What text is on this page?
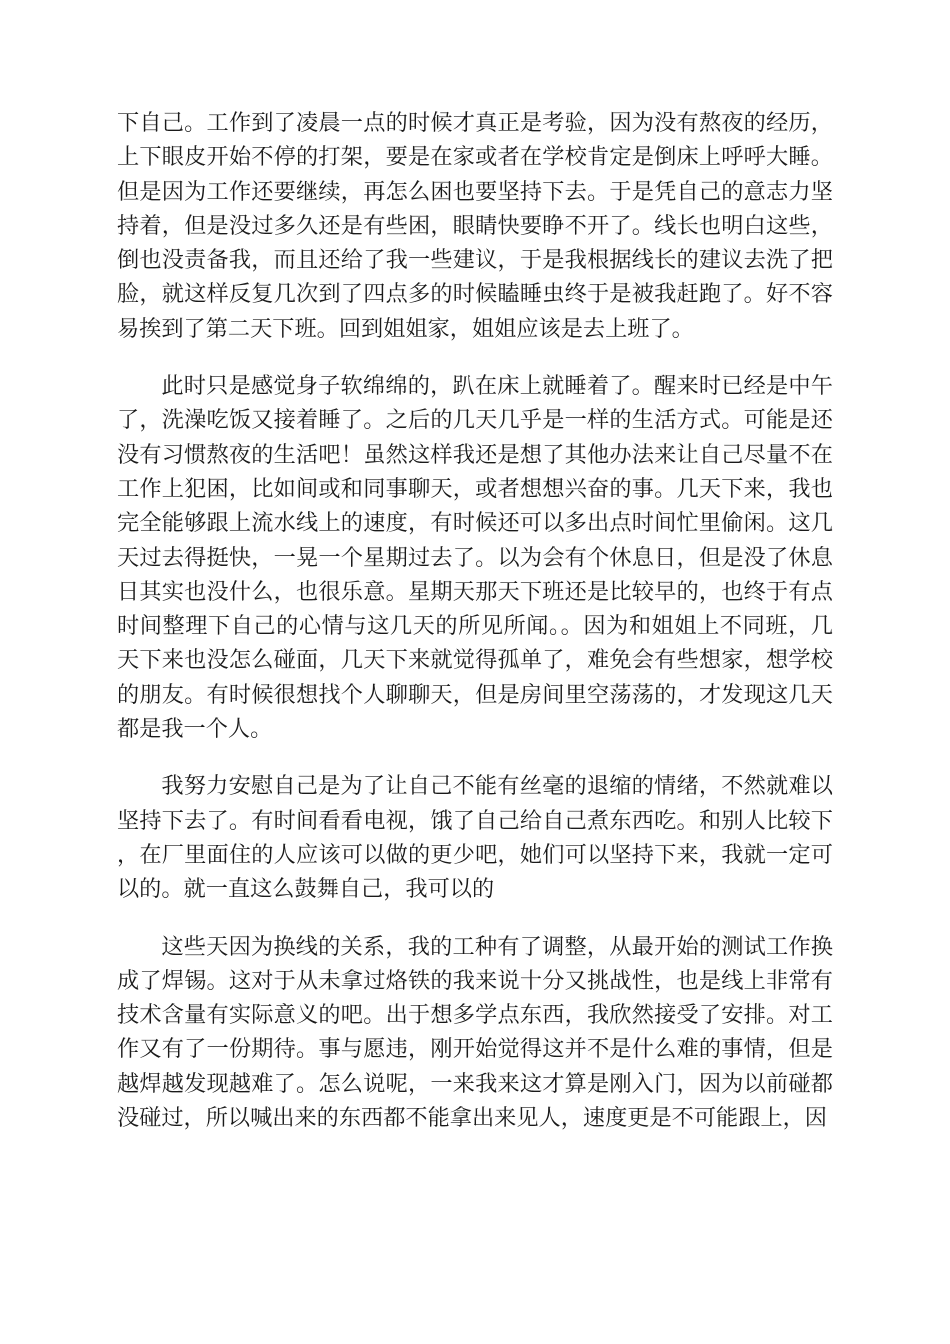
下自己。工作到了凌晨一点的时候才真正是考验，因为没有熬夜的经历，上下眼皮开始不停的打架，要是在家或者在学校肯定是倒床上呼呼大睡。但是因为工作还要继续，再怎么困也要坚持下去。于是凭自己的意志力坚持着，但是没过多久还是有些困，眼睛快要睁不开了。线长也明白这些，倒也没责备我，而且还给了我一些建议，于是我根据线长的建议去洗了把脸，就这样反复几次到了四点多的时候瞌睡虫终于是被我赶跑了。好不容易挨到了第二天下班。回到姐姐家，姐姐应该是去上班了。

此时只是感觉身子软绵绵的，趴在床上就睡着了。醒来时已经是中午了，洗澡吃饭又接着睡了。之后的几天几乎是一样的生活方式。可能是还没有习惯熬夜的生活吧！虽然这样我还是想了其他办法来让自己尽量不在工作上犯困，比如间或和同事聊天，或者想想兴奋的事。几天下来，我也完全能够跟上流水线上的速度，有时候还可以多出点时间忙里偷闲。这几天过去得挺快，一晃一个星期过去了。以为会有个休息日，但是没了休息日其实也没什么，也很乐意。星期天那天下班还是比较早的，也终于有点时间整理下自己的心情与这几天的所见所闻。。因为和姐姐上不同班，几天下来也没怎么碰面，几天下来就觉得孤单了，难免会有些想家，想学校的朋友。有时候很想找个人聊聊天，但是房间里空荡荡的，才发现这几天都是我一个人。

我努力安慰自己是为了让自己不能有丝毫的退缩的情绪，不然就难以坚持下去了。有时间看看电视，饿了自己给自己煮东西吃。和别人比较下，在厂里面住的人应该可以做的更少吧，她们可以坚持下来，我就一定可以的。就一直这么鼓舞自己，我可以的

这些天因为换线的关系，我的工种有了调整，从最开始的测试工作换成了焊锡。这对于从未拿过烙铁的我来说十分又挑战性，也是线上非常有技术含量有实际意义的吧。出于想多学点东西，我欣然接受了安排。对工作又有了一份期待。事与愿违，刚开始觉得这并不是什么难的事情，但是越焊越发现越难了。怎么说呢，一来我来这才算是刚入门，因为以前碰都没碰过，所以喊出来的东西都不能拿出来见人，速度更是不可能跟上，因
